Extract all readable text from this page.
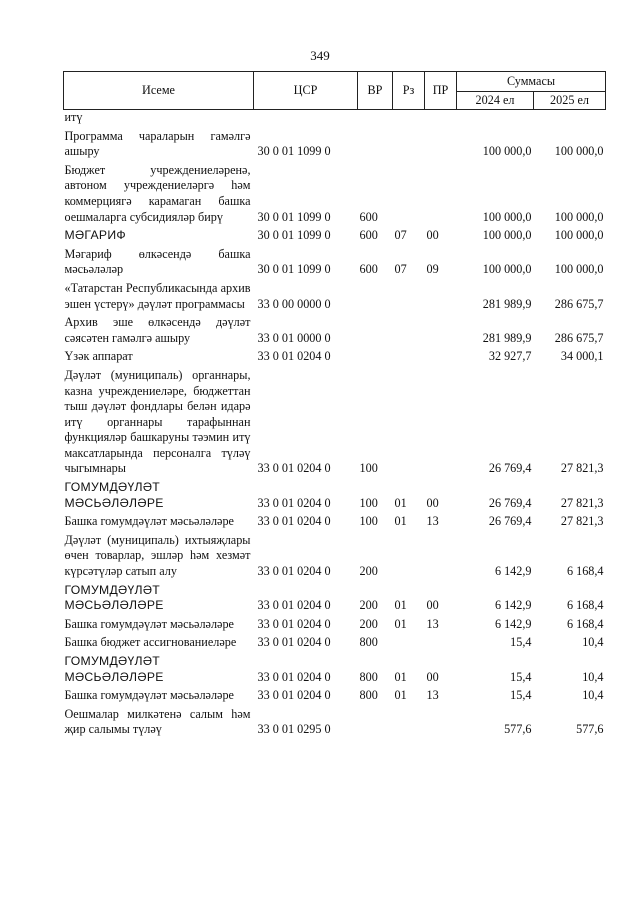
349
Исеме	ЦСР	ВР	Рз	ПР	Суммасы	
					2024 ел	2025 ел
итү						
Программа чараларын гамәлгә ашыру	30 0 01 1099 0				100 000,0	100 000,0
Бюджет учреждениеләренә, автоном учреждениеләргә һәм коммерциягә карамаган башка оешмаларга субсидияләр бирү	30 0 01 1099 0	600			100 000,0	100 000,0
МӘГАРИФ	30 0 01 1099 0	600	07	00	100 000,0	100 000,0
Мәгариф өлкәсендә башка мәсьәләләр	30 0 01 1099 0	600	07	09	100 000,0	100 000,0
«Татарстан Республикасында архив эшен үстерү» дәүләт программасы	33 0 00 0000 0				281 989,9	286 675,7
Архив эше өлкәсендә дәүләт сәясәтен гамәлгә ашыру	33 0 01 0000 0				281 989,9	286 675,7
Үзәк аппарат	33 0 01 0204 0				32 927,7	34 000,1
Дәүләт (муниципаль) органнары, казна учреждениеләре, бюджеттан тыш дәүләт фондлары белән идарә итү органнары тарафыннан функцияләр башкаруны тәэмин итү максатларында персоналга түләү чыгымнары	33 0 01 0204 0	100			26 769,4	27 821,3
ГОМУМДӘҮЛӘТ МӘСЬӘЛӘЛӘРЕ	33 0 01 0204 0	100	01	00	26 769,4	27 821,3
Башка гомумдәүләт мәсьәләләре	33 0 01 0204 0	100	01	13	26 769,4	27 821,3
Дәүләт (муниципаль) ихтыяҗлары өчен товарлар, эшләр һәм хезмәт күрсәтүләр сатып алу	33 0 01 0204 0	200			6 142,9	6 168,4
ГОМУМДӘҮЛӘТ МӘСЬӘЛӘЛӘРЕ	33 0 01 0204 0	200	01	00	6 142,9	6 168,4
Башка гомумдәүләт мәсьәләләре	33 0 01 0204 0	200	01	13	6 142,9	6 168,4
Башка бюджет ассигнованиеләре	33 0 01 0204 0	800			15,4	10,4
ГОМУМДӘҮЛӘТ МӘСЬӘЛӘЛӘРЕ	33 0 01 0204 0	800	01	00	15,4	10,4
Башка гомумдәүләт мәсьәләләре	33 0 01 0204 0	800	01	13	15,4	10,4
Оешмалар милкәтенә салым һәм җир салымы түләү	33 0 01 0295 0				577,6	577,6
